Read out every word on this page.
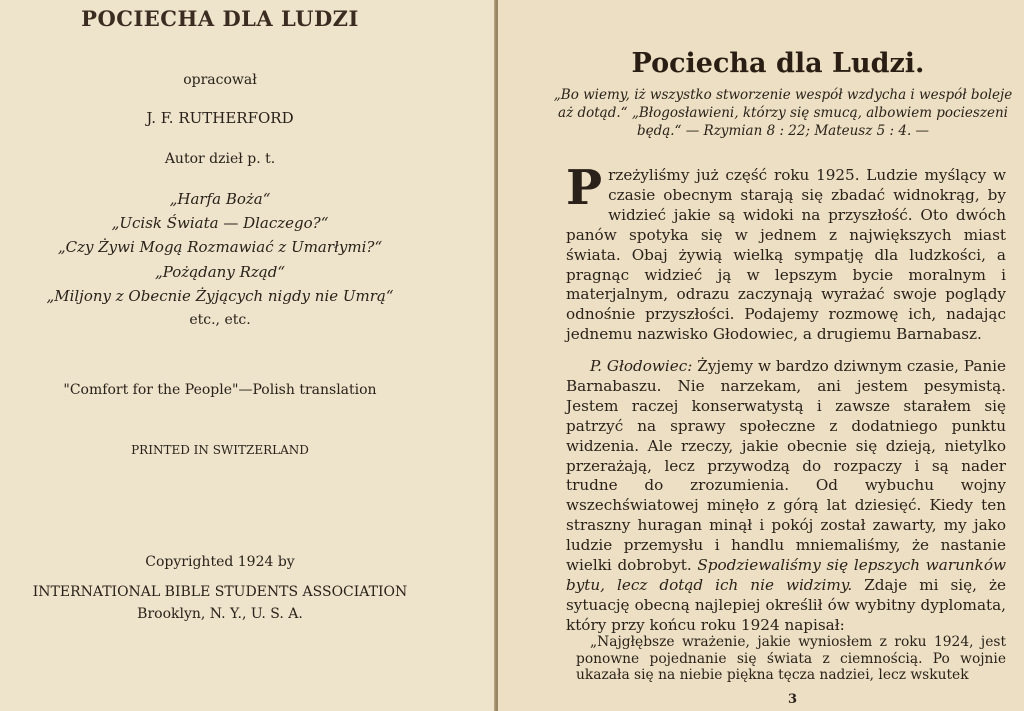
POCIECHA DLA LUDZI
opracował
J. F. RUTHERFORD
Autor dzieł p. t.
„Harfa Boża“
„Ucisk Świata — Dlaczego?“
„Czy Żywi Mogą Rozmawiać z Umarłymi?“
„Pożądany Rząd“
„Miljony z Obecnie Żyjących nigdy nie Umrą“
etc., etc.
"Comfort for the People"—Polish translation
PRINTED IN SWITZERLAND
Copyrighted 1924 by
INTERNATIONAL BIBLE STUDENTS ASSOCIATION
Brooklyn, N. Y., U. S. A.
Pociecha dla Ludzi.
„Bo wiemy, iż wszystko stworzenie wespół wzdycha i wespół boleje aż dotąd.“ „Błogosławieni, którzy się smucą, albowiem pocieszeni będą.“ — Rzymian 8 : 22; Mateusz 5 : 4. —
Przeżyliśmy już część roku 1925. Ludzie myślący w czasie obecnym starają się zbadać widnokrąg, by widzieć jakie są widoki na przyszłość. Oto dwóch panów spotyka się w jednem z największych miast świata. Obaj żywią wielką sympatję dla ludzkości, a pragnąc widzieć ją w lepszym bycie moralnym i materjalnym, odrazu zaczynają wyrażać swoje poglądy odnośnie przyszłości. Podajemy rozmowę ich, nadając jednemu nazwisko Głodowiec, a drugiemu Barnabasz.
P. Głodowiec: Żyjemy w bardzo dziwnym czasie, Panie Barnabaszu. Nie narzekam, ani jestem pesymistą. Jestem raczej konserwatystą i zawsze starałem się patrzyć na sprawy społeczne z dodatniego punktu widzenia. Ale rzeczy, jakie obecnie się dzieją, nietylko przerażają, lecz przywodzą do rozpaczy i są nader trudne do zrozumienia. Od wybuchu wojny wszechświatowej minęło z górą lat dziesięć. Kiedy ten straszny huragan minął i pokój został zawarty, my jako ludzie przemysłu i handlu mniemaliśmy, że nastanie wielki dobrobyt. Spodziewaliśmy się lepszych warunków bytu, lecz dotąd ich nie widzimy. Zdaje mi się, że sytuację obecną najlepiej określił ów wybitny dyplomata, który przy końcu roku 1924 napisał:
„Najgłębsze wrażenie, jakie wyniosłem z roku 1924, jest ponowne pojednanie się świata z ciemnością. Po wojnie ukazała się na niebie piękna tęcza nadziei, lecz wskutek
3
